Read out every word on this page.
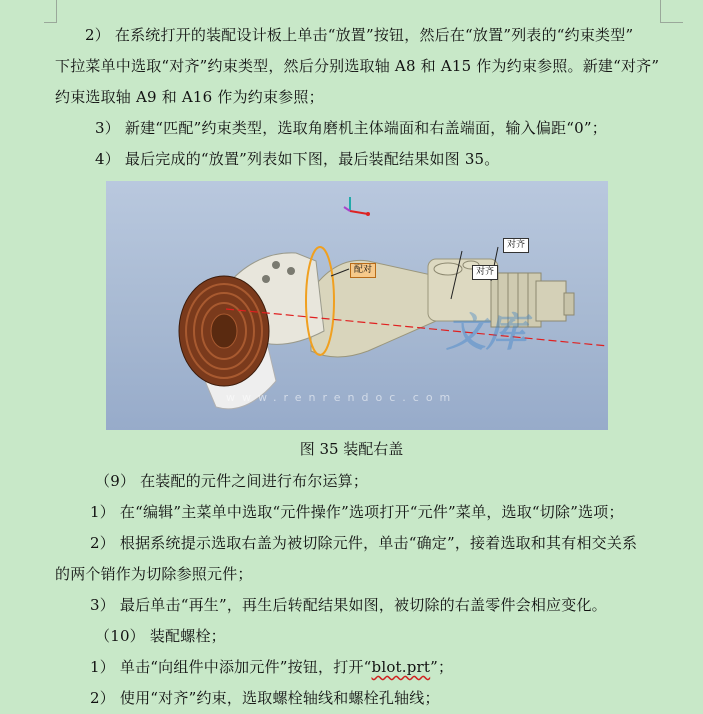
2） 在系统打开的装配设计板上单击“放置”按钮，然后在“放置”列表的“约束类型”
下拉菜单中选取“对齐”约束类型，然后分别选取轴 A8 和 A15 作为约束参照。新建“对齐”
约束选取轴 A9 和 A16 作为约束参照；
3） 新建“匹配”约束类型，选取角磨机主体端面和右盖端面，输入偏距“0”；
4） 最后完成的“放置”列表如下图，最后装配结果如图 35。
配对
对齐
对齐
文库
www.renrendoc.com
图 35 装配右盖
（9） 在装配的元件之间进行布尔运算；
1） 在“编辑”主菜单中选取“元件操作”选项打开“元件”菜单，选取“切除”选项；
2） 根据系统提示选取右盖为被切除元件，单击“确定”，接着选取和其有相交关系
的两个销作为切除参照元件；
3） 最后单击“再生”，再生后转配结果如图，被切除的右盖零件会相应变化。
（10） 装配螺栓；
1） 单击“向组件中添加元件”按钮，打开“blot.prt”；
2） 使用“对齐”约束，选取螺栓轴线和螺栓孔轴线；
